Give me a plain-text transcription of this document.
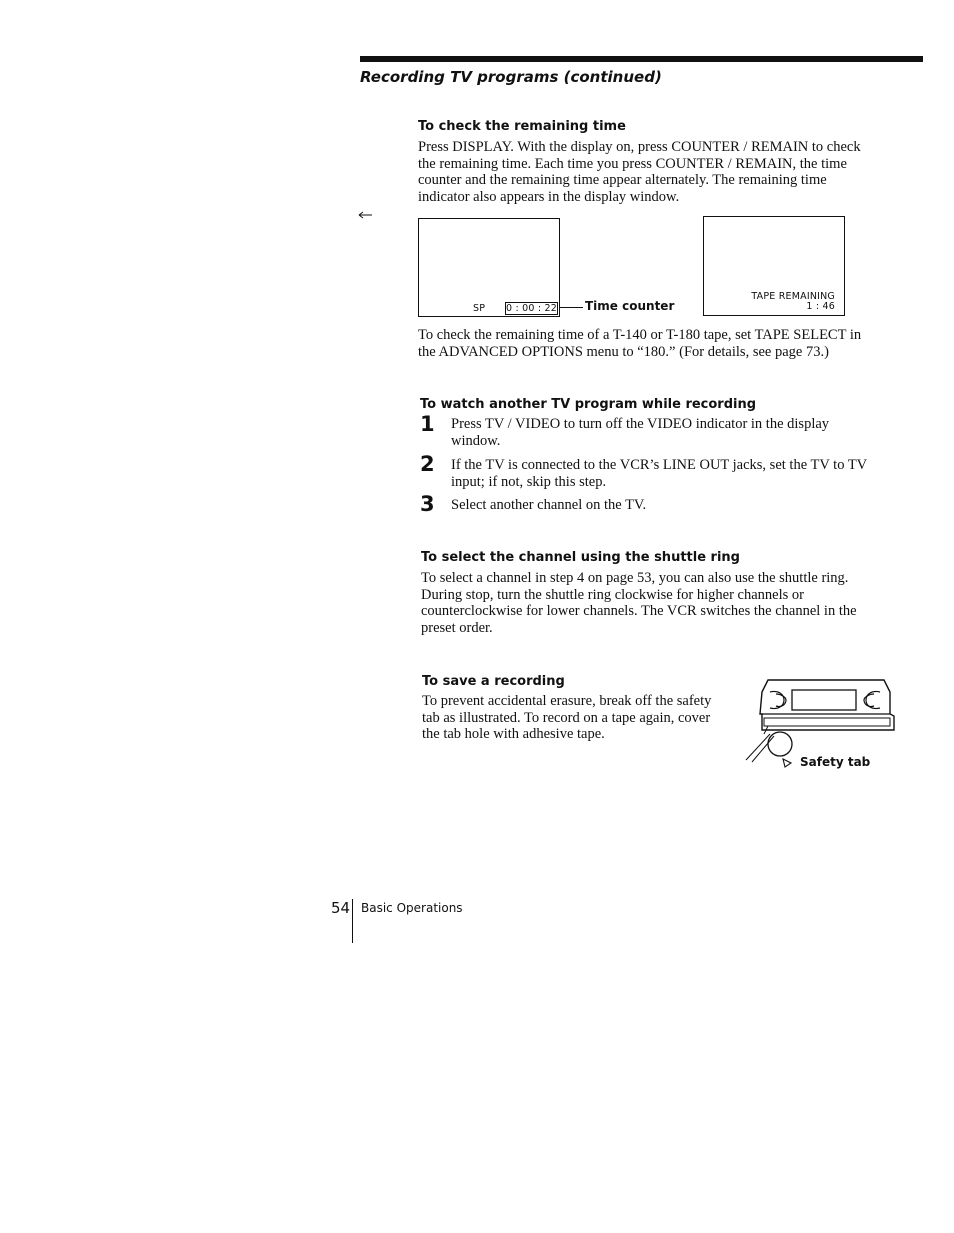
Recording TV programs (continued)
To check the remaining time
Press DISPLAY. With the display on, press COUNTER / REMAIN to check
the remaining time. Each time you press COUNTER / REMAIN, the time
counter and the remaining time appear alternately. The remaining time
indicator also appears in the display window.
SP 0 : 00 : 22 Time counter
TAPE REMAINING
1 : 46
To check the remaining time of a T-140 or T-180 tape, set TAPE SELECT in
the ADVANCED OPTIONS menu to “180.” (For details, see page 73.)
To watch another TV program while recording
1 Press TV / VIDEO to turn off the VIDEO indicator in the display
window.
2 If the TV is connected to the VCR’s LINE OUT jacks, set the TV to TV
input; if not, skip this step.
3 Select another channel on the TV.
To select the channel using the shuttle ring
To select a channel in step 4 on page 53, you can also use the shuttle ring.
During stop, turn the shuttle ring clockwise for higher channels or
counterclockwise for lower channels. The VCR switches the channel in the
preset order.
To save a recording
To prevent accidental erasure, break off the safety
tab as illustrated. To record on a tape again, cover
the tab hole with adhesive tape.
Safety tab
54 Basic Operations
